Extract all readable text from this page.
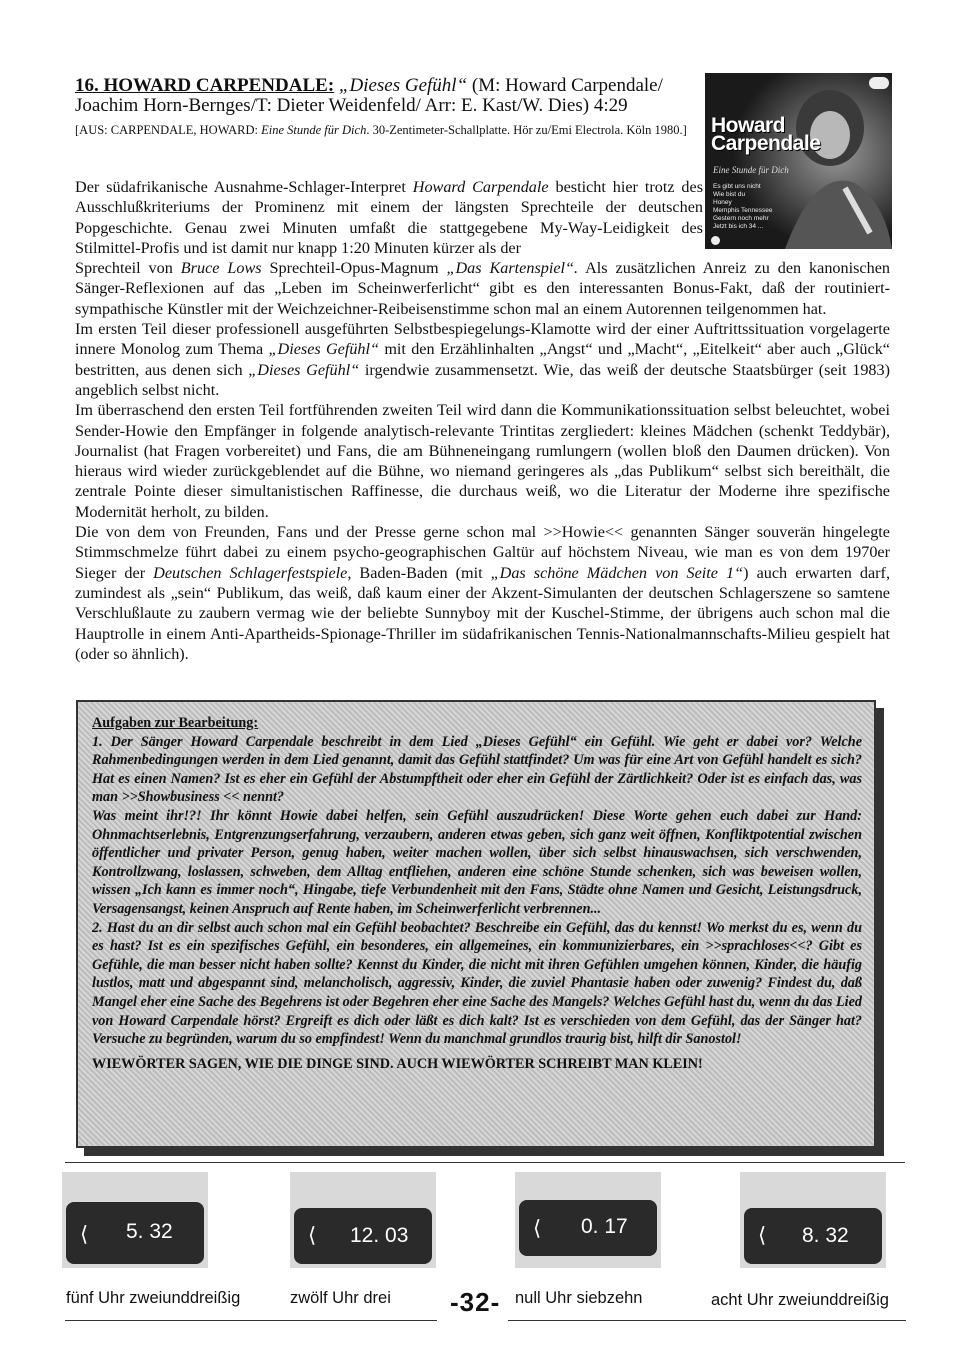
16. HOWARD CARPENDALE: „Dieses Gefühl“ (M: Howard Carpendale/ Joachim Horn-Bernges/T: Dieter Weidenfeld/ Arr: E. Kast/W. Dies) 4:29
[AUS: CARPENDALE, HOWARD: Eine Stunde für Dich. 30-Zentimeter-Schallplatte. Hör zu/Emi Electrola. Köln 1980.]	Howard
Carpendale
Eine Stunde für Dich
Es gibt uns nicht
Wie bist du
Honey
Memphis Tennessee
Gestern noch mehr
Jetzt bis ich 34 ...

Der südafrikanische Ausnahme-Schlager-Interpret Howard Carpendale besticht hier trotz des Ausschlußkriteriums der Prominenz mit einem der längsten Sprechteile der deutschen Popgeschichte. Genau zwei Minuten umfaßt die stattgegebene My-Way-Leidigkeit des Stilmittel-Profis und ist damit nur knapp 1:20 Minuten kürzer als der

Sprechteil von Bruce Lows Sprechteil-Opus-Magnum „Das Kartenspiel“. Als zusätzlichen Anreiz zu den kanonischen Sänger-Reflexionen auf das „Leben im Scheinwerferlicht“ gibt es den interessanten Bonus-Fakt, daß der routiniert-sympathische Künstler mit der Weichzeichner-Reibeisenstimme schon mal an einem Autorennen teilgenommen hat.

Im ersten Teil dieser professionell ausgeführten Selbstbespiegelungs-Klamotte wird der einer Auftrittssituation vorgelagerte innere Monolog zum Thema „Dieses Gefühl“ mit den Erzählinhalten „Angst“ und „Macht“, „Eitelkeit“ aber auch „Glück“ bestritten, aus denen sich „Dieses Gefühl“ irgendwie zusammensetzt. Wie, das weiß der deutsche Staatsbürger (seit 1983) angeblich selbst nicht.

Im überraschend den ersten Teil fortführenden zweiten Teil wird dann die Kommunikationssituation selbst beleuchtet, wobei Sender-Howie den Empfänger in folgende analytisch-relevante Trintitas zergliedert: kleines Mädchen (schenkt Teddybär), Journalist (hat Fragen vorbereitet) und Fans, die am Bühneneingang rumlungern (wollen bloß den Daumen drücken). Von hieraus wird wieder zurückgeblendet auf die Bühne, wo niemand geringeres als „das Publikum“ selbst sich bereithält, die zentrale Pointe dieser simultanistischen Raffinesse, die durchaus weiß, wo die Literatur der Moderne ihre spezifische Modernität herholt, zu bilden.

Die von dem von Freunden, Fans und der Presse gerne schon mal >>Howie<< genannten Sänger souverän hingelegte Stimmschmelze führt dabei zu einem psycho-geographischen Galtür auf höchstem Niveau, wie man es von dem 1970er Sieger der Deutschen Schlagerfestspiele, Baden-Baden (mit „Das schöne Mädchen von Seite 1“) auch erwarten darf, zumindest als „sein“ Publikum, das weiß, daß kaum einer der Akzent-Simulanten der deutschen Schlagerszene so samtene Verschlußlaute zu zaubern vermag wie der beliebte Sunnyboy mit der Kuschel-Stimme, der übrigens auch schon mal die Hauptrolle in einem Anti-Apartheids-Spionage-Thriller im südafrikanischen Tennis-Nationalmannschafts-Milieu gespielt hat (oder so ähnlich).

Aufgaben zur Bearbeitung:
1. Der Sänger Howard Carpendale beschreibt in dem Lied „Dieses Gefühl“ ein Gefühl. Wie geht er dabei vor? Welche Rahmenbedingungen werden in dem Lied genannt, damit das Gefühl stattfindet? Um was für eine Art von Gefühl handelt es sich? Hat es einen Namen? Ist es eher ein Gefühl der Abstumpftheit oder eher ein Gefühl der Zärtlichkeit? Oder ist es einfach das, was man >>Showbusiness << nennt?
Was meint ihr!?! Ihr könnt Howie dabei helfen, sein Gefühl auszudrücken! Diese Worte gehen euch dabei zur Hand: Ohnmachtserlebnis, Entgrenzungserfahrung, verzaubern, anderen etwas geben, sich ganz weit öffnen, Konfliktpotential zwischen öffentlicher und privater Person, genug haben, weiter machen wollen, über sich selbst hinauswachsen, sich verschwenden, Kontrollzwang, loslassen, schweben, dem Alltag entfliehen, anderen eine schöne Stunde schenken, sich was beweisen wollen, wissen „Ich kann es immer noch“, Hingabe, tiefe Verbundenheit mit den Fans, Städte ohne Namen und Gesicht, Leistungsdruck, Versagensangst, keinen Anspruch auf Rente haben, im Scheinwerferlicht verbrennen...
2. Hast du an dir selbst auch schon mal ein Gefühl beobachtet? Beschreibe ein Gefühl, das du kennst! Wo merkst du es, wenn du es hast? Ist es ein spezifisches Gefühl, ein besonderes, ein allgemeines, ein kommunizierbares, ein >>sprachloses<<? Gibt es Gefühle, die man besser nicht haben sollte? Kennst du Kinder, die nicht mit ihren Gefühlen umgehen können, Kinder, die häufig lustlos, matt und abgespannt sind, melancholisch, aggressiv, Kinder, die zuviel Phantasie haben oder zuwenig? Findest du, daß Mangel eher eine Sache des Begehrens ist oder Begehren eher eine Sache des Mangels? Welches Gefühl hast du, wenn du das Lied von Howard Carpendale hörst? Ergreift es dich oder läßt es dich kalt? Ist es verschieden von dem Gefühl, das der Sänger hat? Versuche zu begründen, warum du so empfindest! Wenn du manchmal grundlos traurig bist, hilft dir Sanostol!
WIEWÖRTER SAGEN, WIE DIE DINGE SIND. AUCH WIEWÖRTER SCHREIBT MAN KLEIN!
⟨ 5. 32	⟨ 12. 03	⟨ 0. 17	⟨ 8. 32
fünf Uhr zweiunddreißig	zwölf Uhr drei -32- null Uhr siebzehn	acht Uhr zweiunddreißig
